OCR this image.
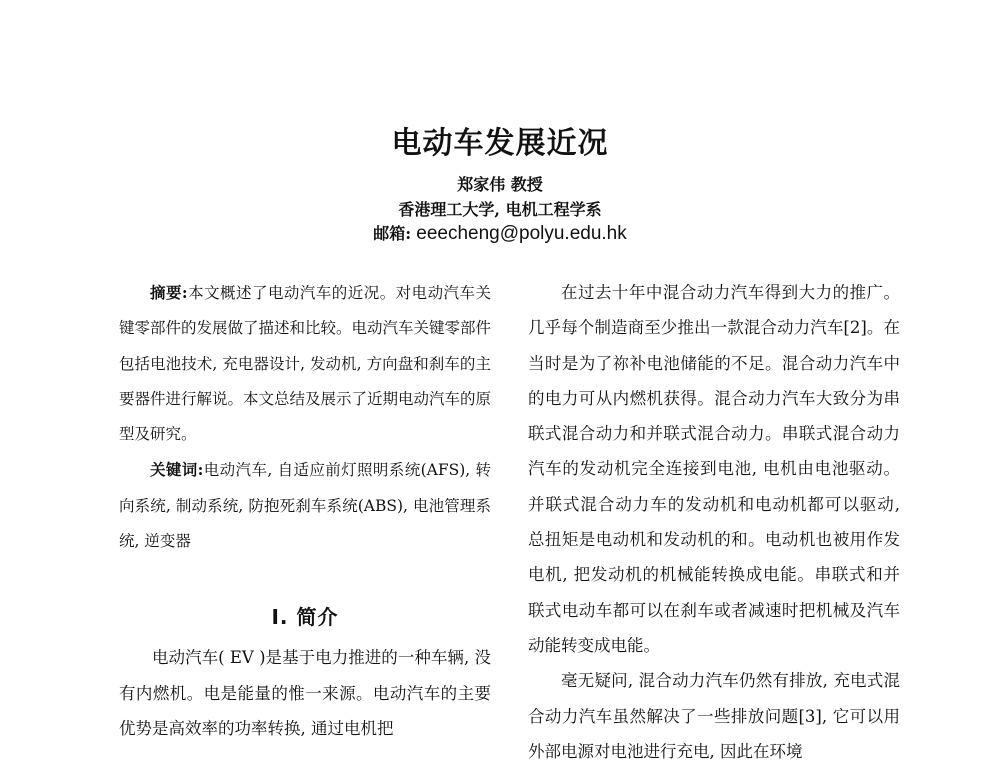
电动车发展近况
郑家伟 教授
香港理工大学, 电机工程学系
邮箱: eeecheng@polyu.edu.hk

摘要:本文概述了电动汽车的近况。对电动汽车关键零部件的发展做了描述和比较。电动汽车关键零部件包括电池技术, 充电器设计, 发动机, 方向盘和刹车的主要器件进行解说。本文总结及展示了近期电动汽车的原型及研究。

关键词:电动汽车, 自适应前灯照明系统(AFS), 转向系统, 制动系统, 防抱死刹车系统(ABS), 电池管理系统, 逆变器

I. 简介

电动汽车( EV )是基于电力推进的一种车辆, 没有内燃机。电是能量的惟一来源。电动汽车的主要优势是高效率的功率转换, 通过电机把

在过去十年中混合动力汽车得到大力的推广。几乎每个制造商至少推出一款混合动力汽车[2]。在当时是为了祢补电池储能的不足。混合动力汽车中的电力可从内燃机获得。混合动力汽车大致分为串联式混合动力和并联式混合动力。串联式混合动力汽车的发动机完全连接到电池, 电机由电池驱动。并联式混合动力车的发动机和电动机都可以驱动, 总扭矩是电动机和发动机的和。电动机也被用作发电机, 把发动机的机械能转换成电能。串联式和并联式电动车都可以在刹车或者减速时把机械及汽车动能转变成电能。

毫无疑问, 混合动力汽车仍然有排放, 充电式混合动力汽车虽然解决了一些排放问题[3], 它可以用外部电源对电池进行充电, 因此在环境
